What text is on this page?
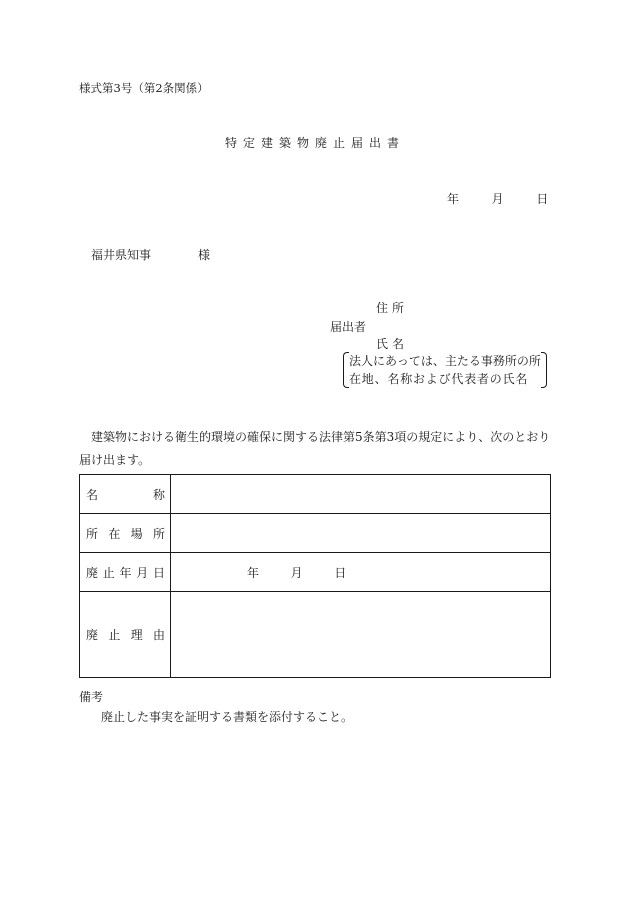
様式第3号（第2条関係）
特定建築物廃止届出書
年	月	日
福井県知事	様
住所
届出者
氏名
法人にあっては、主たる事務所の所
在地、名称および代表者の氏名
建築物における衛生的環境の確保に関する法律第5条第3項の規定により、次のとおり届け出ます。
名 称	

所 在 場 所	

廃 止 年 月 日	年 月 日

廃 止 理 由	

備考
廃止した事実を証明する書類を添付すること。
